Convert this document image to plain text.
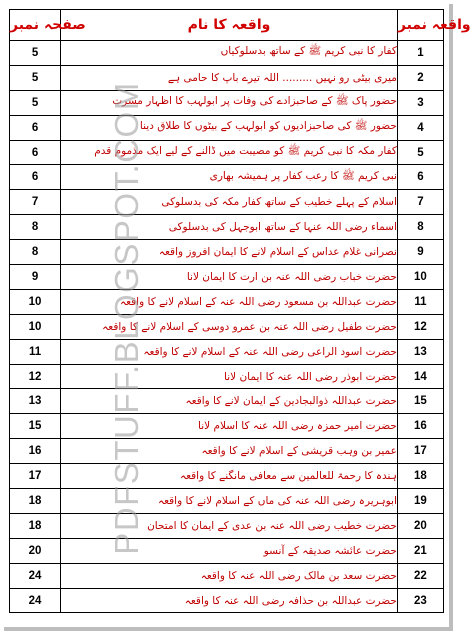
صفحہ نمبر	واقعہ کا نام	واقعہ نمبر
5	کفار کا نبی کریم ﷺ کے ساتھ بدسلوکیاں	1
5	میری بیٹی رو نہیں ......... اللہ تیرے باپ کا حامی ہے	2
5	حضور پاک ﷺ کے صاحبزادے کی وفات پر ابولہب کا اظہار مسرت	3
6	حضور ﷺ کی صاحبزادیوں کو ابولہب کے بیٹوں کا طلاق دینا	4
6	کفار مکہ کا نبی کریم ﷺ کو مصیبت میں ڈالنے کے لیے ایک مذموم قدم	5
6	نبی کریم ﷺ کا رعب کفار پر ہمیشہ بھاری	6
7	اسلام کے پہلے خطیب کے ساتھ کفار مکہ کی بدسلوکی	7
8	اسماء رضی اللہ عنہا کے ساتھ ابوجہل کی بدسلوکی	8
8	نصرانی غلام عداس کے اسلام لانے کا ایمان افروز واقعہ	9
9	حضرت خباب رضی اللہ عنہ بن ارت کا ایمان لانا	10
10	حضرت عبداللہ بن مسعود رضی اللہ عنہ کے اسلام لانے کا واقعہ	11
10	حضرت طفیل رضی اللہ عنہ بن عمرو دوسی کے اسلام لانے کا واقعہ	12
11	حضرت اسود الراعی رضی اللہ عنہ کے اسلام لانے کا واقعہ	13
12	حضرت ابوذر رضی اللہ عنہ کا ایمان لانا	14
13	حضرت عبداللہ ذوالبجادین کے ایمان لانے کا واقعہ	15
15	حضرت امیر حمزہ رضی اللہ عنہ کا اسلام لانا	16
16	عمیر بن وہب قریشی کے اسلام لانے کا واقعہ	17
17	ہندہ کا رحمۃ للعالمین سے معافی مانگنے کا واقعہ	18
18	ابوہریرہ رضی اللہ عنہ کی ماں کے اسلام لانے کا واقعہ	19
18	حضرت خطیب رضی اللہ عنہ بن عدی کے ایمان کا امتحان	20
20	حضرت عائشہ صدیقہ کے آنسو	21
24	حضرت سعد بن مالک رضی اللہ عنہ کا واقعہ	22
24	حضرت عبداللہ بن حذافہ رضی اللہ عنہ کا واقعہ	23
PDFSTUFF.BLOGSPOT.COM
